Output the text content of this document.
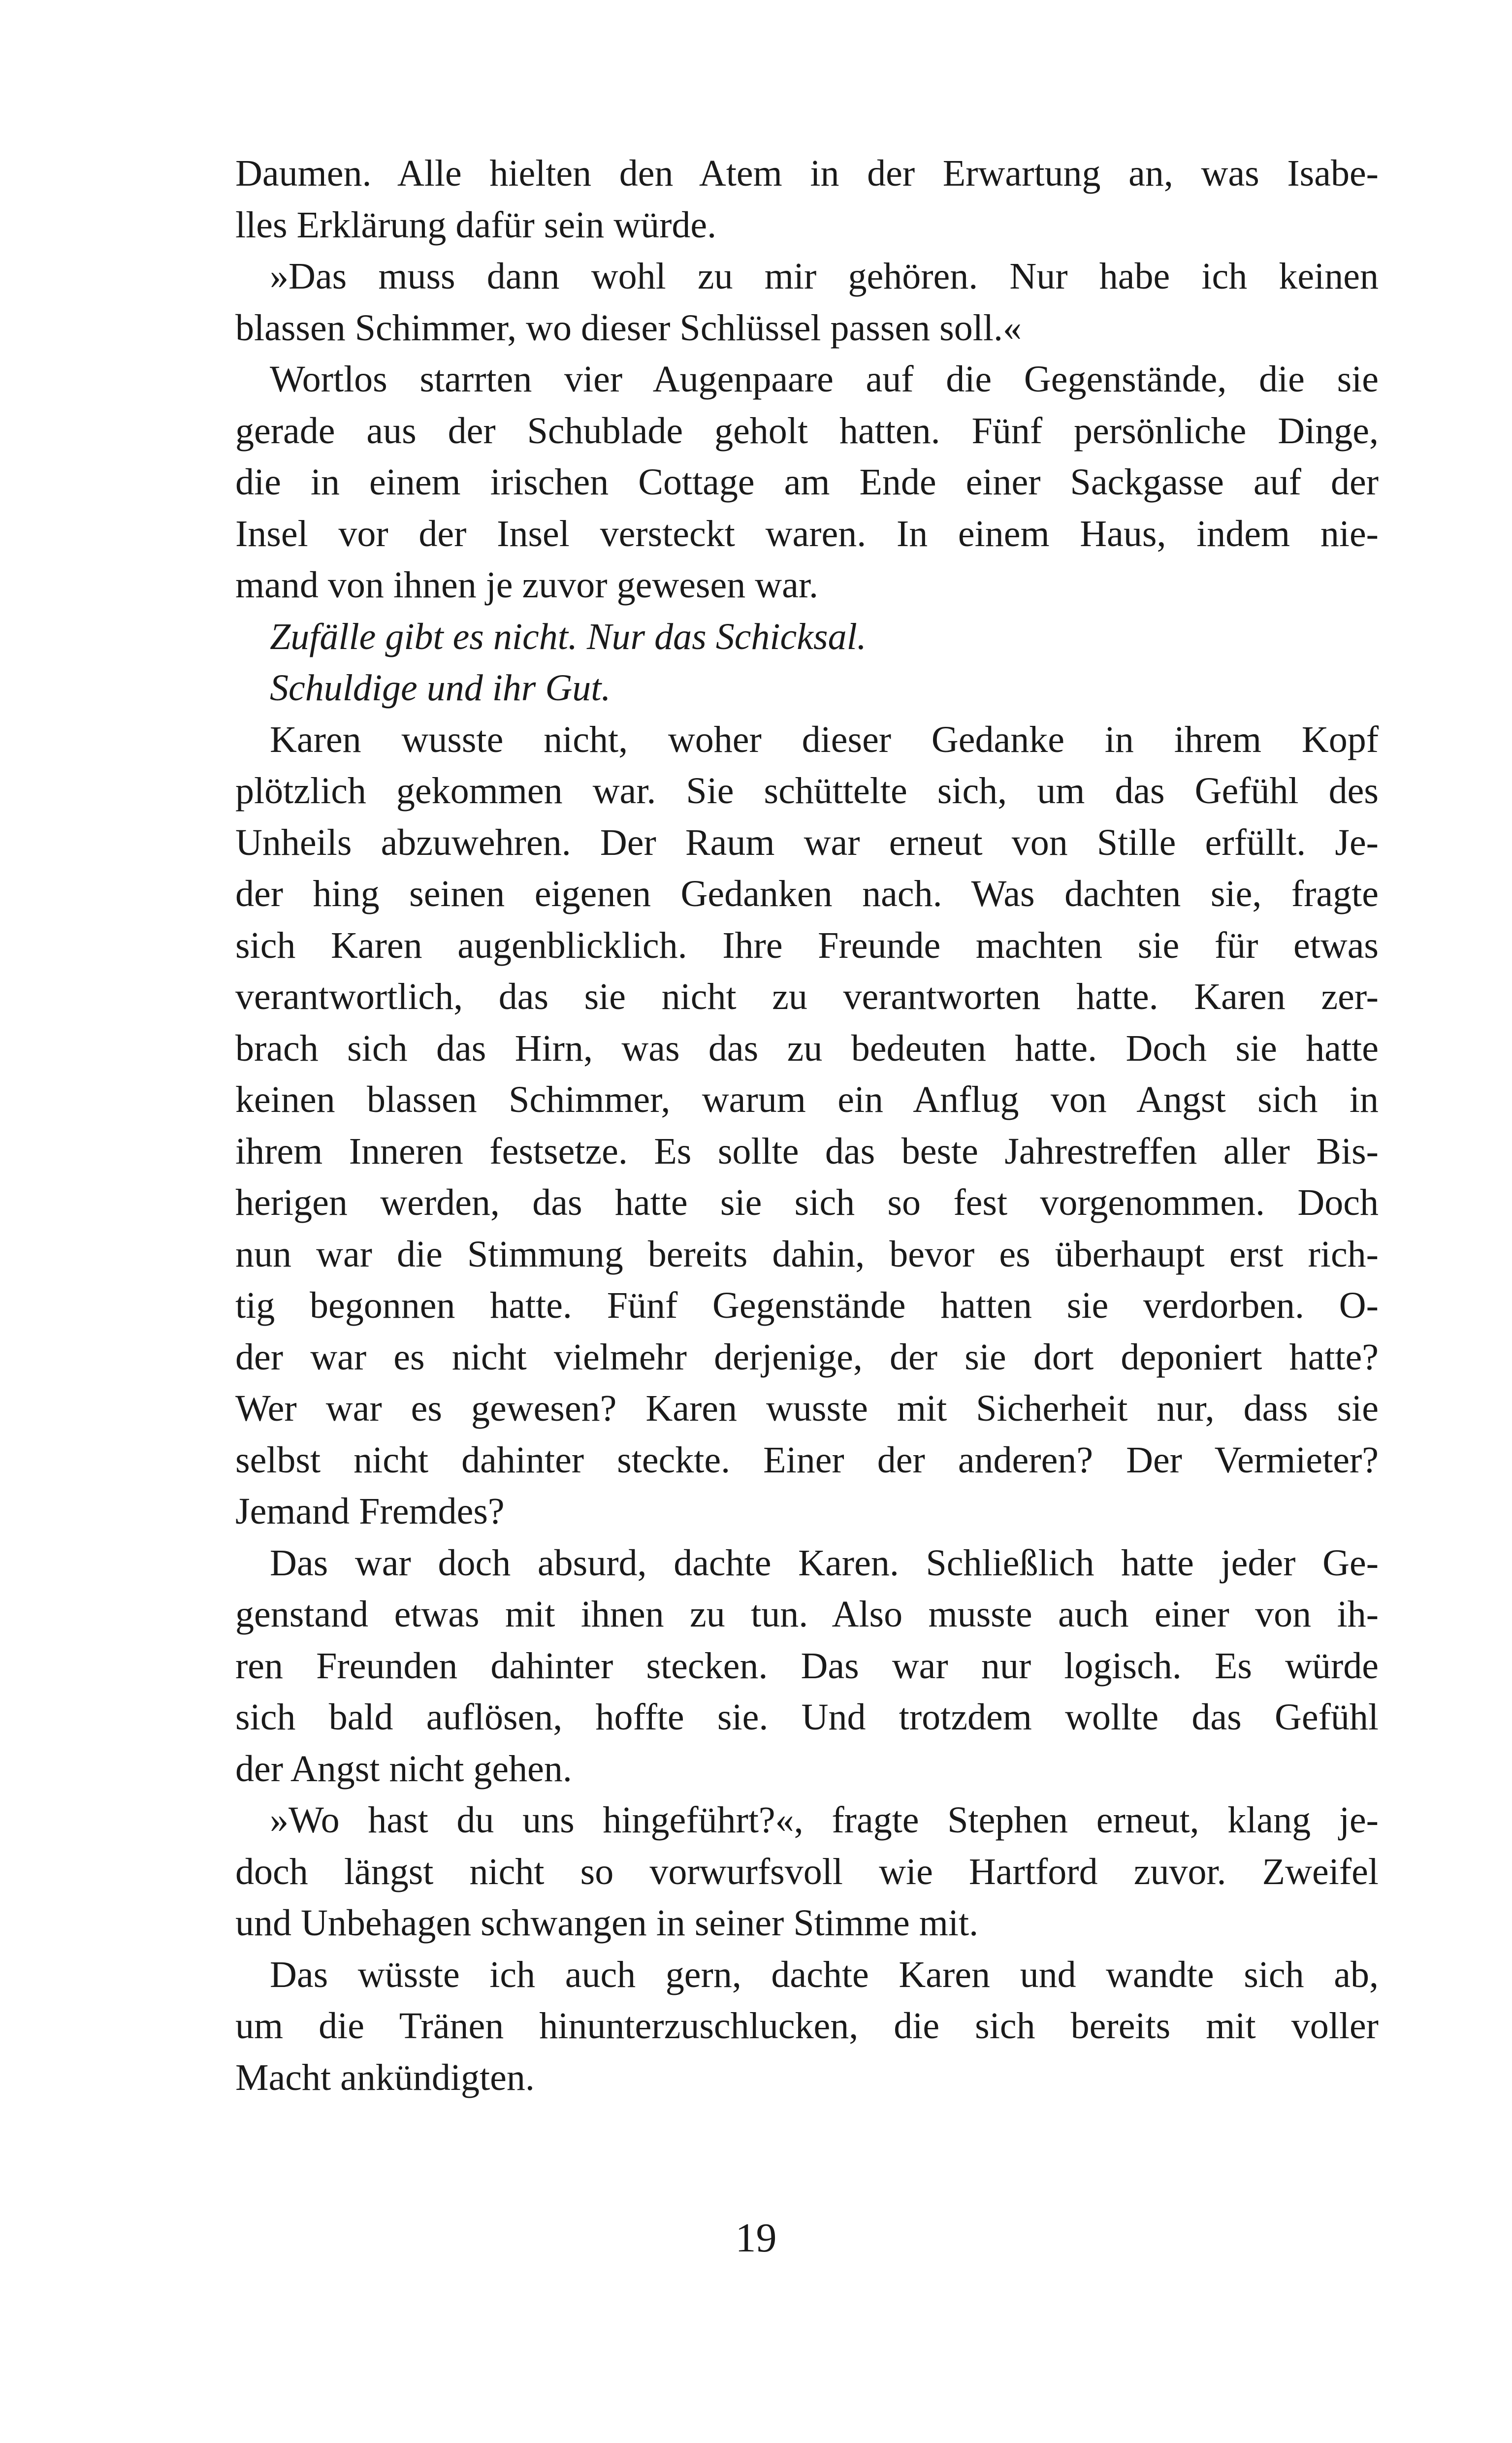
Daumen. Alle hielten den Atem in der Erwartung an, was Isabe-
lles Erklärung dafür sein würde.
»Das muss dann wohl zu mir gehören. Nur habe ich keinen
blassen Schimmer, wo dieser Schlüssel passen soll.«
Wortlos starrten vier Augenpaare auf die Gegenstände, die sie
gerade aus der Schublade geholt hatten. Fünf persönliche Dinge,
die in einem irischen Cottage am Ende einer Sackgasse auf der
Insel vor der Insel versteckt waren. In einem Haus, indem nie-
mand von ihnen je zuvor gewesen war.
Zufälle gibt es nicht. Nur das Schicksal.
Schuldige und ihr Gut.
Karen wusste nicht, woher dieser Gedanke in ihrem Kopf
plötzlich gekommen war. Sie schüttelte sich, um das Gefühl des
Unheils abzuwehren. Der Raum war erneut von Stille erfüllt. Je-
der hing seinen eigenen Gedanken nach. Was dachten sie, fragte
sich Karen augenblicklich. Ihre Freunde machten sie für etwas
verantwortlich, das sie nicht zu verantworten hatte. Karen zer-
brach sich das Hirn, was das zu bedeuten hatte. Doch sie hatte
keinen blassen Schimmer, warum ein Anflug von Angst sich in
ihrem Inneren festsetze. Es sollte das beste Jahrestreffen aller Bis-
herigen werden, das hatte sie sich so fest vorgenommen. Doch
nun war die Stimmung bereits dahin, bevor es überhaupt erst rich-
tig begonnen hatte. Fünf Gegenstände hatten sie verdorben. O-
der war es nicht vielmehr derjenige, der sie dort deponiert hatte?
Wer war es gewesen? Karen wusste mit Sicherheit nur, dass sie
selbst nicht dahinter steckte. Einer der anderen? Der Vermieter?
Jemand Fremdes?
Das war doch absurd, dachte Karen. Schließlich hatte jeder Ge-
genstand etwas mit ihnen zu tun. Also musste auch einer von ih-
ren Freunden dahinter stecken. Das war nur logisch. Es würde
sich bald auflösen, hoffte sie. Und trotzdem wollte das Gefühl
der Angst nicht gehen.
»Wo hast du uns hingeführt?«, fragte Stephen erneut, klang je-
doch längst nicht so vorwurfsvoll wie Hartford zuvor. Zweifel
und Unbehagen schwangen in seiner Stimme mit.
Das wüsste ich auch gern, dachte Karen und wandte sich ab,
um die Tränen hinunterzuschlucken, die sich bereits mit voller
Macht ankündigten.
19
